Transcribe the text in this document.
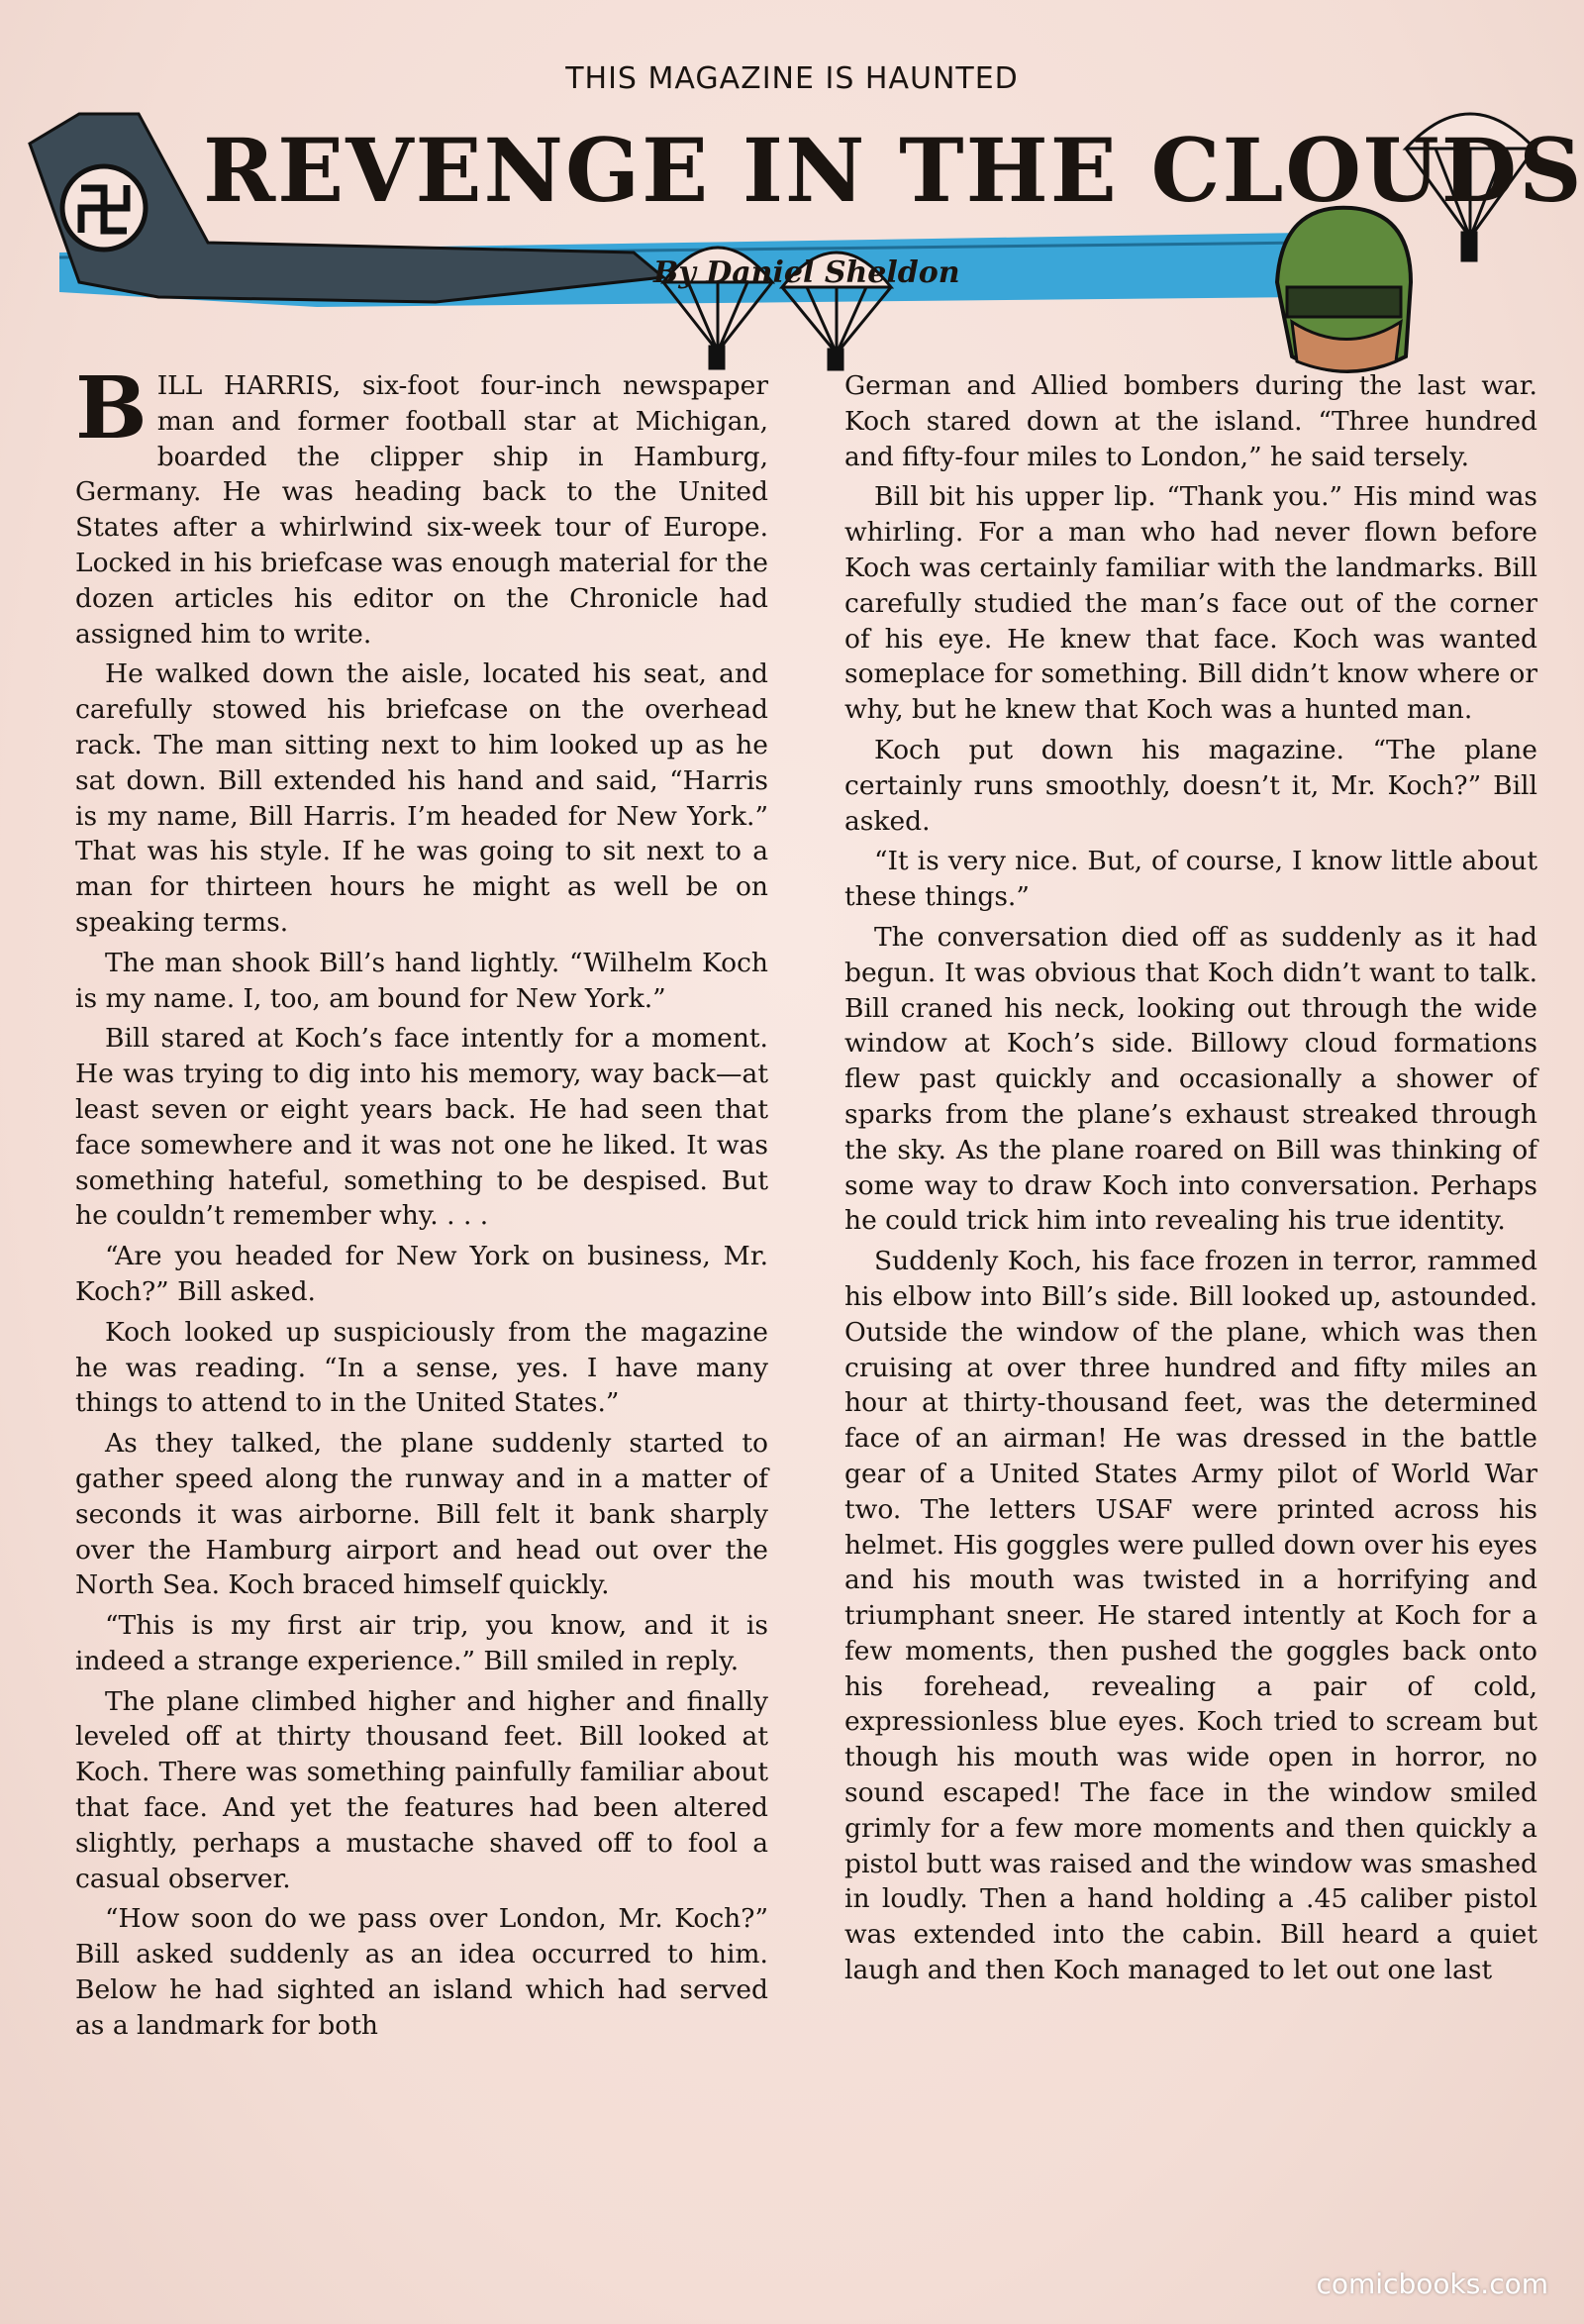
THIS MAGAZINE IS HAUNTED
REVENGE IN THE CLOUDS
By Daniel Sheldon

BILL HARRIS, six-foot four-inch newspaper man and former football star at Michigan, boarded the clipper ship in Hamburg, Germany. He was heading back to the United States after a whirlwind six-week tour of Europe. Locked in his briefcase was enough material for the dozen articles his editor on the Chronicle had assigned him to write.

He walked down the aisle, located his seat, and carefully stowed his briefcase on the overhead rack. The man sitting next to him looked up as he sat down. Bill extended his hand and said, “Harris is my name, Bill Harris. I’m headed for New York.” That was his style. If he was going to sit next to a man for thirteen hours he might as well be on speaking terms.

The man shook Bill’s hand lightly. “Wilhelm Koch is my name. I, too, am bound for New York.”

Bill stared at Koch’s face intently for a moment. He was trying to dig into his memory, way back—at least seven or eight years back. He had seen that face somewhere and it was not one he liked. It was something hateful, something to be despised. But he couldn’t remember why. . . .

“Are you headed for New York on business, Mr. Koch?” Bill asked.

Koch looked up suspiciously from the magazine he was reading. “In a sense, yes. I have many things to attend to in the United States.”

As they talked, the plane suddenly started to gather speed along the runway and in a matter of seconds it was airborne. Bill felt it bank sharply over the Hamburg airport and head out over the North Sea. Koch braced himself quickly.

“This is my first air trip, you know, and it is indeed a strange experience.” Bill smiled in reply.

The plane climbed higher and higher and finally leveled off at thirty thousand feet. Bill looked at Koch. There was something painfully familiar about that face. And yet the features had been altered slightly, perhaps a mustache shaved off to fool a casual observer.

“How soon do we pass over London, Mr. Koch?” Bill asked suddenly as an idea occurred to him. Below he had sighted an island which had served as a landmark for both

German and Allied bombers during the last war. Koch stared down at the island. “Three hundred and fifty-four miles to London,” he said tersely.

Bill bit his upper lip. “Thank you.” His mind was whirling. For a man who had never flown before Koch was certainly familiar with the landmarks. Bill carefully studied the man’s face out of the corner of his eye. He knew that face. Koch was wanted someplace for something. Bill didn’t know where or why, but he knew that Koch was a hunted man.

Koch put down his magazine. “The plane certainly runs smoothly, doesn’t it, Mr. Koch?” Bill asked.

“It is very nice. But, of course, I know little about these things.”

The conversation died off as suddenly as it had begun. It was obvious that Koch didn’t want to talk. Bill craned his neck, looking out through the wide window at Koch’s side. Billowy cloud formations flew past quickly and occasionally a shower of sparks from the plane’s exhaust streaked through the sky. As the plane roared on Bill was thinking of some way to draw Koch into conversation. Perhaps he could trick him into revealing his true identity.

Suddenly Koch, his face frozen in terror, rammed his elbow into Bill’s side. Bill looked up, astounded. Outside the window of the plane, which was then cruising at over three hundred and fifty miles an hour at thirty-thousand feet, was the determined face of an airman! He was dressed in the battle gear of a United States Army pilot of World War two. The letters USAF were printed across his helmet. His goggles were pulled down over his eyes and his mouth was twisted in a horrifying and triumphant sneer. He stared intently at Koch for a few moments, then pushed the goggles back onto his forehead, revealing a pair of cold, expressionless blue eyes. Koch tried to scream but though his mouth was wide open in horror, no sound escaped! The face in the window smiled grimly for a few more moments and then quickly a pistol butt was raised and the window was smashed in loudly. Then a hand holding a .45 caliber pistol was extended into the cabin. Bill heard a quiet laugh and then Koch managed to let out one last

comicbooks.com
